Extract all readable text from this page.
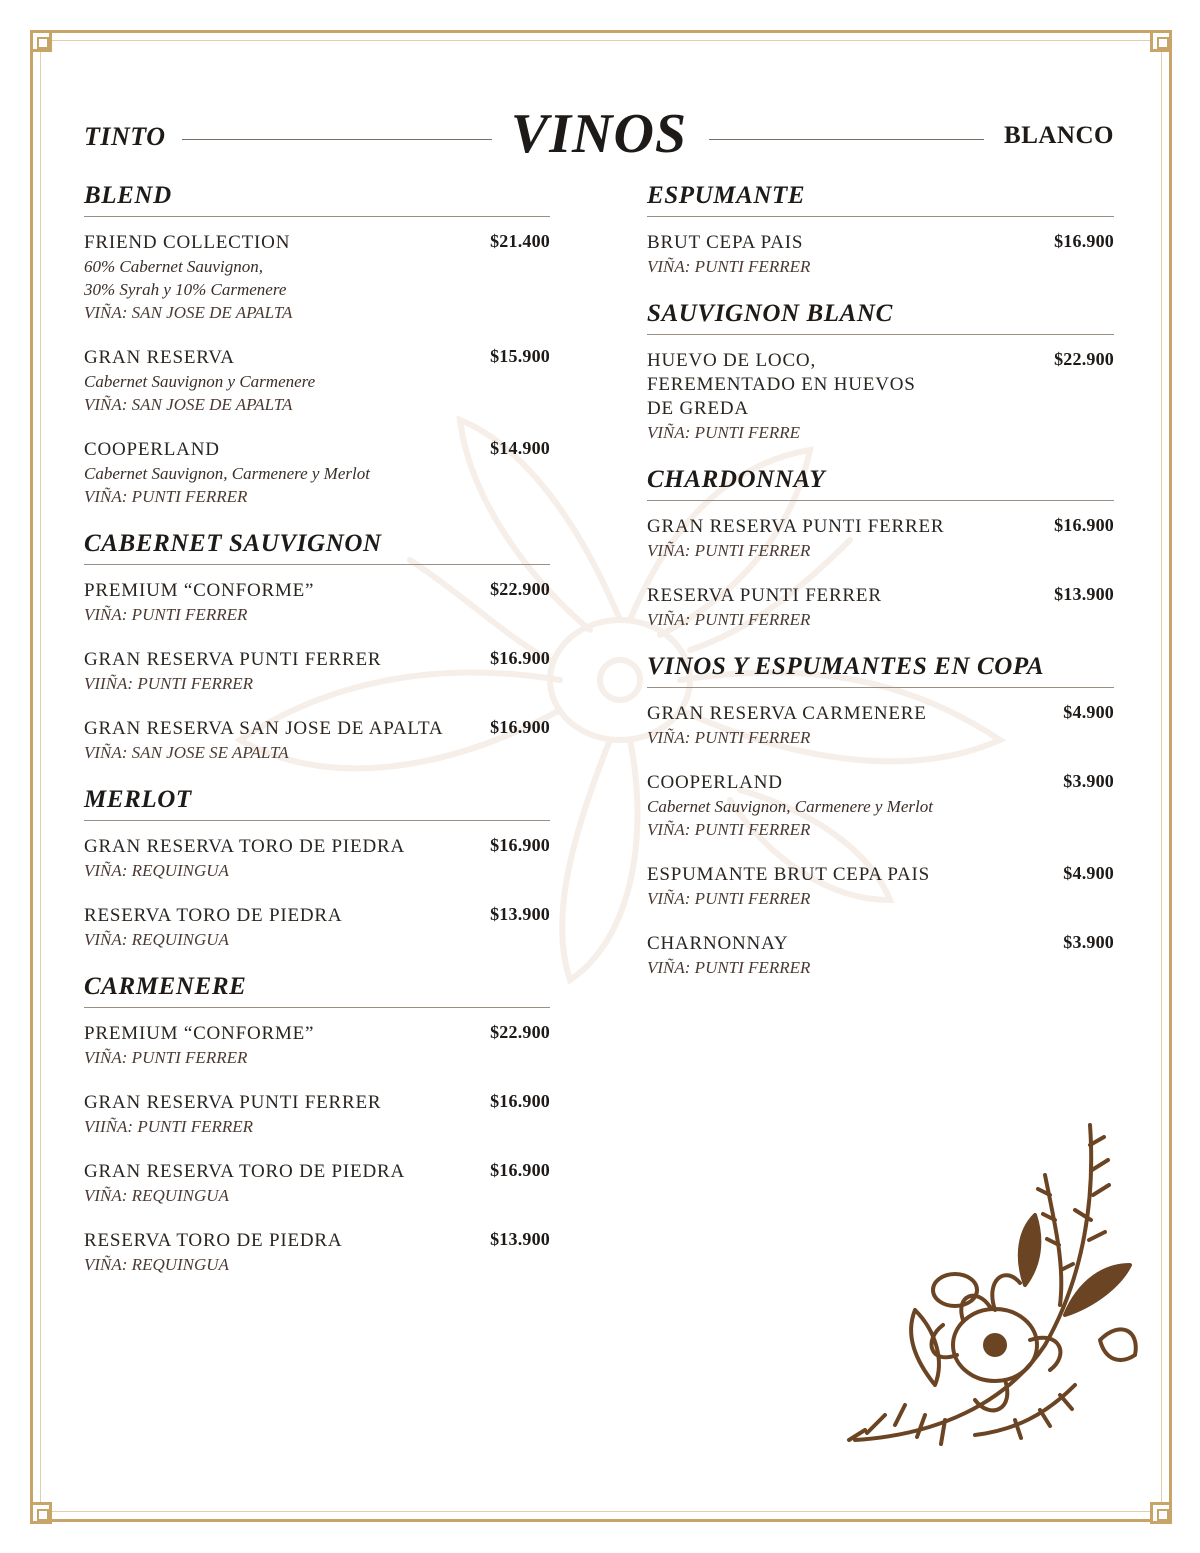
TINTO	VINOS	BLANCO
BLEND
FRIEND COLLECTION
60% Cabernet Sauvignon,
30% Syrah y 10% Carmenere
VIÑA: SAN JOSE DE APALTA
$21.400
GRAN RESERVA
Cabernet Sauvignon y Carmenere
VIÑA: SAN JOSE DE APALTA
$15.900
COOPERLAND
Cabernet Sauvignon, Carmenere y Merlot
VIÑA: PUNTI FERRER
$14.900
CABERNET SAUVIGNON
PREMIUM “CONFORME”
VIÑA: PUNTI FERRER
$22.900
GRAN RESERVA PUNTI FERRER
VIIÑA: PUNTI FERRER
$16.900
GRAN RESERVA SAN JOSE DE APALTA
VIÑA: SAN JOSE SE APALTA
$16.900
MERLOT
GRAN RESERVA TORO DE PIEDRA
VIÑA: REQUINGUA
$16.900
RESERVA TORO DE PIEDRA
VIÑA: REQUINGUA
$13.900
CARMENERE
PREMIUM “CONFORME”
VIÑA: PUNTI FERRER
$22.900
GRAN RESERVA PUNTI FERRER
VIIÑA: PUNTI FERRER
$16.900
GRAN RESERVA TORO DE PIEDRA
VIÑA: REQUINGUA
$16.900
RESERVA TORO DE PIEDRA
VIÑA: REQUINGUA
$13.900
ESPUMANTE
BRUT CEPA PAIS
VIÑA: PUNTI FERRER
$16.900
SAUVIGNON BLANC
HUEVO DE LOCO,
FEREMENTADO EN HUEVOS
DE GREDA
VIÑA: PUNTI FERRE
$22.900
CHARDONNAY
GRAN RESERVA PUNTI FERRER
VIÑA: PUNTI FERRER
$16.900
RESERVA PUNTI FERRER
VIÑA: PUNTI FERRER
$13.900
VINOS Y ESPUMANTES EN COPA
GRAN RESERVA CARMENERE
VIÑA: PUNTI FERRER
$4.900
COOPERLAND
Cabernet Sauvignon, Carmenere y Merlot
VIÑA: PUNTI FERRER
$3.900
ESPUMANTE BRUT CEPA PAIS
VIÑA: PUNTI FERRER
$4.900
CHARNONNAY
VIÑA: PUNTI FERRER
$3.900
